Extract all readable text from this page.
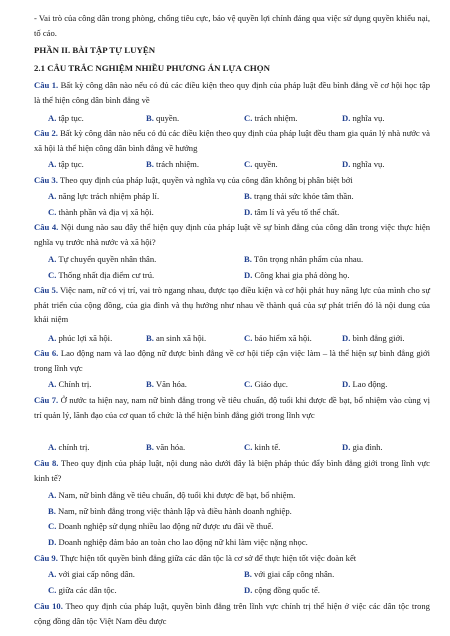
- Vai trò của công dân trong phòng, chống tiêu cực, bảo vệ quyền lợi chính đáng qua việc sử dụng quyền khiếu nại, tố cáo.
PHẦN II. BÀI TẬP TỰ LUYỆN
2.1 CÂU TRẮC NGHIỆM NHIỀU PHƯƠNG ÁN LỰA CHỌN
Câu 1. Bất kỳ công dân nào nếu có đủ các điều kiện theo quy định của pháp luật đều bình đẳng về cơ hội học tập là thể hiện công dân bình đẳng về
A. tập tục.	B. quyền.	C. trách nhiệm.	D. nghĩa vụ.
Câu 2. Bất kỳ công dân nào nếu có đủ các điều kiện theo quy định của pháp luật đều tham gia quản lý nhà nước và xã hội là thể hiện công dân bình đẳng về hướng
A. tập tục.	B. trách nhiệm.	C. quyền.	D. nghĩa vụ.
Câu 3. Theo quy định của pháp luật, quyền và nghĩa vụ của công dân không bị phân biệt bởi
A. năng lực trách nhiệm pháp lí.	B. trạng thái sức khỏe tâm thần.
C. thành phần và địa vị xã hội.	D. tâm lí và yếu tố thể chất.
Câu 4. Nội dung nào sau đây thể hiện quy định của pháp luật về sự bình đẳng của công dân trong việc thực hiện nghĩa vụ trước nhà nước và xã hội?
A. Tự chuyển quyền nhân thân.	B. Tôn trọng nhân phẩm của nhau.
C. Thống nhất địa điểm cư trú.	D. Công khai gia phả dòng họ.
Câu 5. Việc nam, nữ có vị trí, vai trò ngang nhau, được tạo điều kiện và cơ hội phát huy năng lực của mình cho sự phát triển của cộng đồng, của gia đình và thụ hưởng như nhau về thành quả của sự phát triển đó là nội dung của khái niệm
A. phúc lợi xã hội.	B. an sinh xã hội.	C. bảo hiểm xã hội.	D. bình đẳng giới.
Câu 6. Lao động nam và lao động nữ được bình đẳng về cơ hội tiếp cận việc làm – là thể hiện sự bình đẳng giới trong lĩnh vực
A. Chính trị.	B. Văn hóa.	C. Giáo dục.	D. Lao động.
Câu 7. Ở nước ta hiện nay, nam nữ bình đẳng trong về tiêu chuẩn, độ tuổi khi được đề bạt, bổ nhiệm vào cùng vị trí quản lý, lãnh đạo của cơ quan tổ chức là thể hiện bình đẳng giới trong lĩnh vực
A. chính trị.	B. văn hóa.	C. kinh tế.	D. gia đình.
Câu 8. Theo quy định của pháp luật, nội dung nào dưới đây là biện pháp thúc đẩy bình đẳng giới trong lĩnh vực kinh tế?
A. Nam, nữ bình đẳng về tiêu chuẩn, độ tuổi khi được đề bạt, bổ nhiệm.
B. Nam, nữ bình đẳng trong việc thành lập và điều hành doanh nghiệp.
C. Doanh nghiệp sử dụng nhiều lao động nữ được ưu đãi về thuế.
D. Doanh nghiệp đảm bảo an toàn cho lao động nữ khi làm việc nặng nhọc.
Câu 9. Thực hiện tốt quyền bình đẳng giữa các dân tộc là cơ sở để thực hiện tốt việc đoàn kết
A. với giai cấp nông dân.	B. với giai cấp công nhân.
C. giữa các dân tộc.	D. cộng đồng quốc tế.
Câu 10. Theo quy định của pháp luật, quyền bình đẳng trên lĩnh vực chính trị thể hiện ở việc các dân tộc trong cộng đồng dân tộc Việt Nam đều được
